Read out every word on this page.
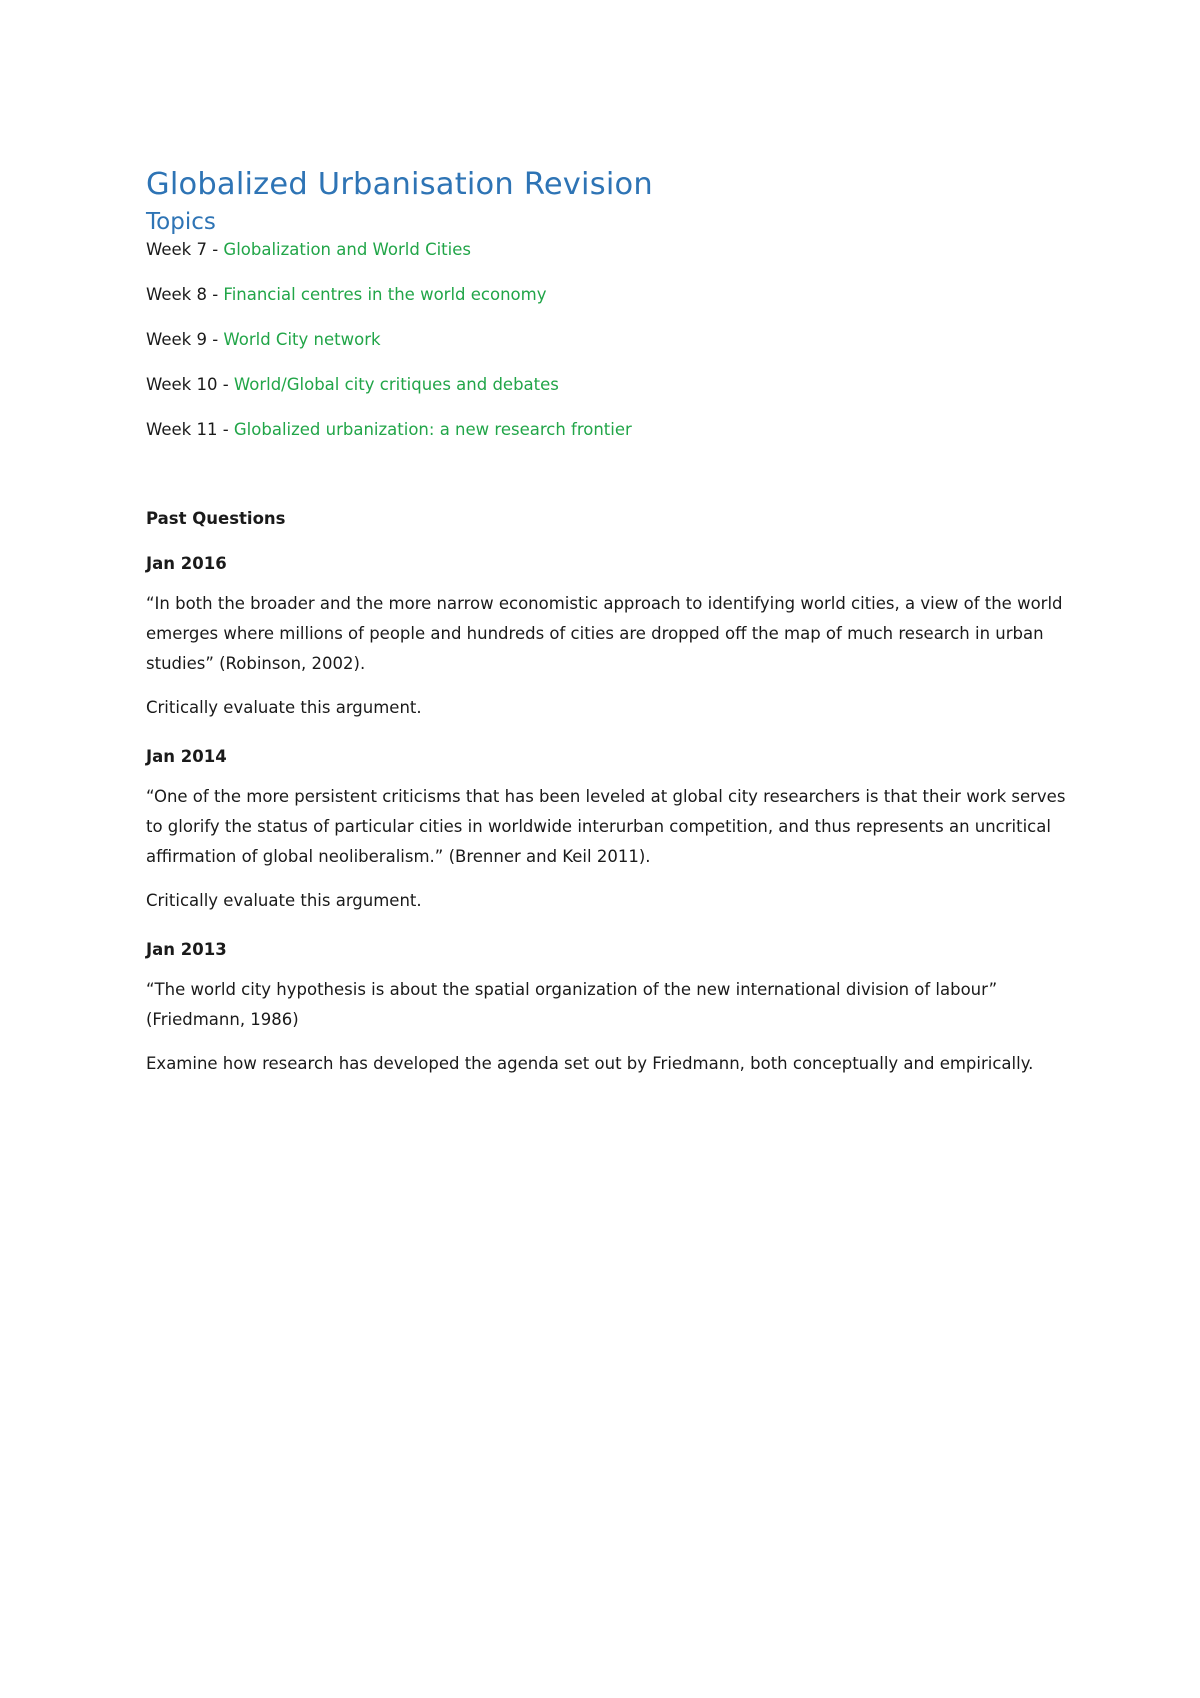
Globalized Urbanisation Revision
Topics

Week 7 - Globalization and World Cities

Week 8 - Financial centres in the world economy

Week 9 - World City network

Week 10 - World/Global city critiques and debates

Week 11 - Globalized urbanization: a new research frontier

Past Questions

Jan 2016

“In both the broader and the more narrow economistic approach to identifying world cities, a view of the world emerges where millions of people and hundreds of cities are dropped off the map of much research in urban studies” (Robinson, 2002).

Critically evaluate this argument.

Jan 2014

“One of the more persistent criticisms that has been leveled at global city researchers is that their work serves to glorify the status of particular cities in worldwide interurban competition, and thus represents an uncritical affirmation of global neoliberalism.” (Brenner and Keil 2011).

Critically evaluate this argument.

Jan 2013

“The world city hypothesis is about the spatial organization of the new international division of labour” (Friedmann, 1986)

Examine how research has developed the agenda set out by Friedmann, both conceptually and empirically.
